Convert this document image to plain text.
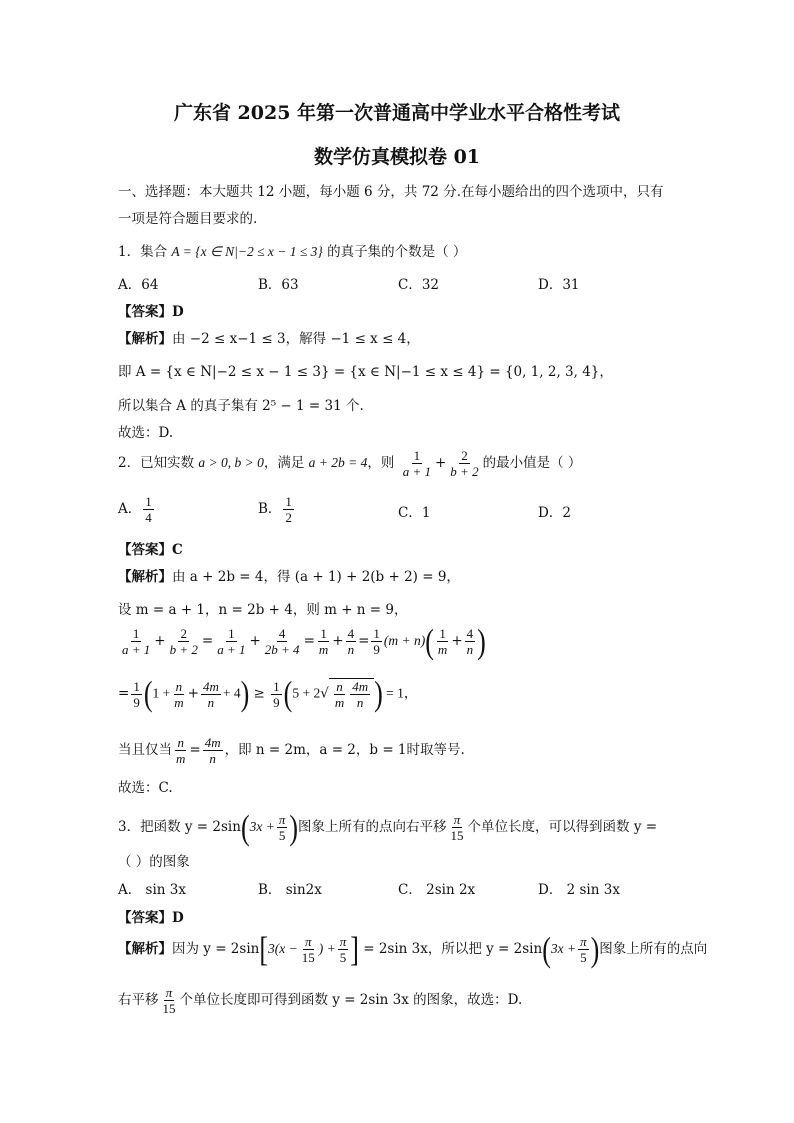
广东省 2025 年第一次普通高中学业水平合格性考试
数学仿真模拟卷 01
一、选择题：本大题共 12 小题，每小题 6 分，共 72 分.在每小题给出的四个选项中，只有
一项是符合题目要求的.
1．集合 A = {x ∈ N|−2 ≤ x − 1 ≤ 3} 的真子集的个数是（ ）
A．64	B．63	C．32	D．31
【答案】D
【解析】由 −2 ≤ x−1 ≤ 3，解得 −1 ≤ x ≤ 4，
即 A = {x ∈ N|−2 ≤ x − 1 ≤ 3} = {x ∈ N|−1 ≤ x ≤ 4} = {0, 1, 2, 3, 4}，
所以集合 A 的真子集有 2⁵ − 1 = 31 个.
故选：D.
2．已知实数 a > 0, b > 0，满足 a + 2b = 4，则 $\frac{1}{a + 1} + \frac{2}{b + 2}$ 的最小值是（ ）
A． $\frac{1}{4}$	B． $\frac{1}{2}$	C．1	D．2
【答案】C
【解析】由 a + 2b = 4，得 (a + 1) + 2(b + 2) = 9，
设 m = a + 1，n = 2b + 4，则 m + n = 9，
$\frac{1}{a + 1} + \frac{2}{b + 2} = \frac{1}{a + 1} + \frac{4}{2b + 4} = \frac{1}{m} + \frac{4}{n} = \frac{1}{9} (m + n)( \frac{1}{m} + \frac{4}{n}$ )
= $\frac{1}{9} (1 + \frac{n}{m} + \frac{4m}{n} + 4) \ge \frac{1}{9} (5 + 2√ \frac{n}{m} \frac{4m}{n}$ ) = 1，
当且仅当 $\frac{n}{m} = \frac{4m}{n}$ ，即 n = 2m，a = 2，b = 1时取等号.
故选：C.
3．把函数 $y = 2\sin(3x + \frac{\pi}{5}$ )图象上所有的点向右平移 $\frac{\pi}{15}$ 个单位长度，可以得到函数 y =
（ ）的图象
A． sin 3x	B． sin2x	C． 2sin 2x	D． 2 sin 3x
【答案】D
【解析】因为 $y = 2\sin[3(x - \frac{\pi}{15}$ ) + $\frac{\pi}{5}$ ] = 2sin 3x，所以把 $y = 2\sin(3x + \frac{\pi}{5}$ )图象上所有的点向
右平移 $\frac{\pi}{15}$ 个单位长度即可得到函数 y = 2sin 3x 的图象，故选：D.
